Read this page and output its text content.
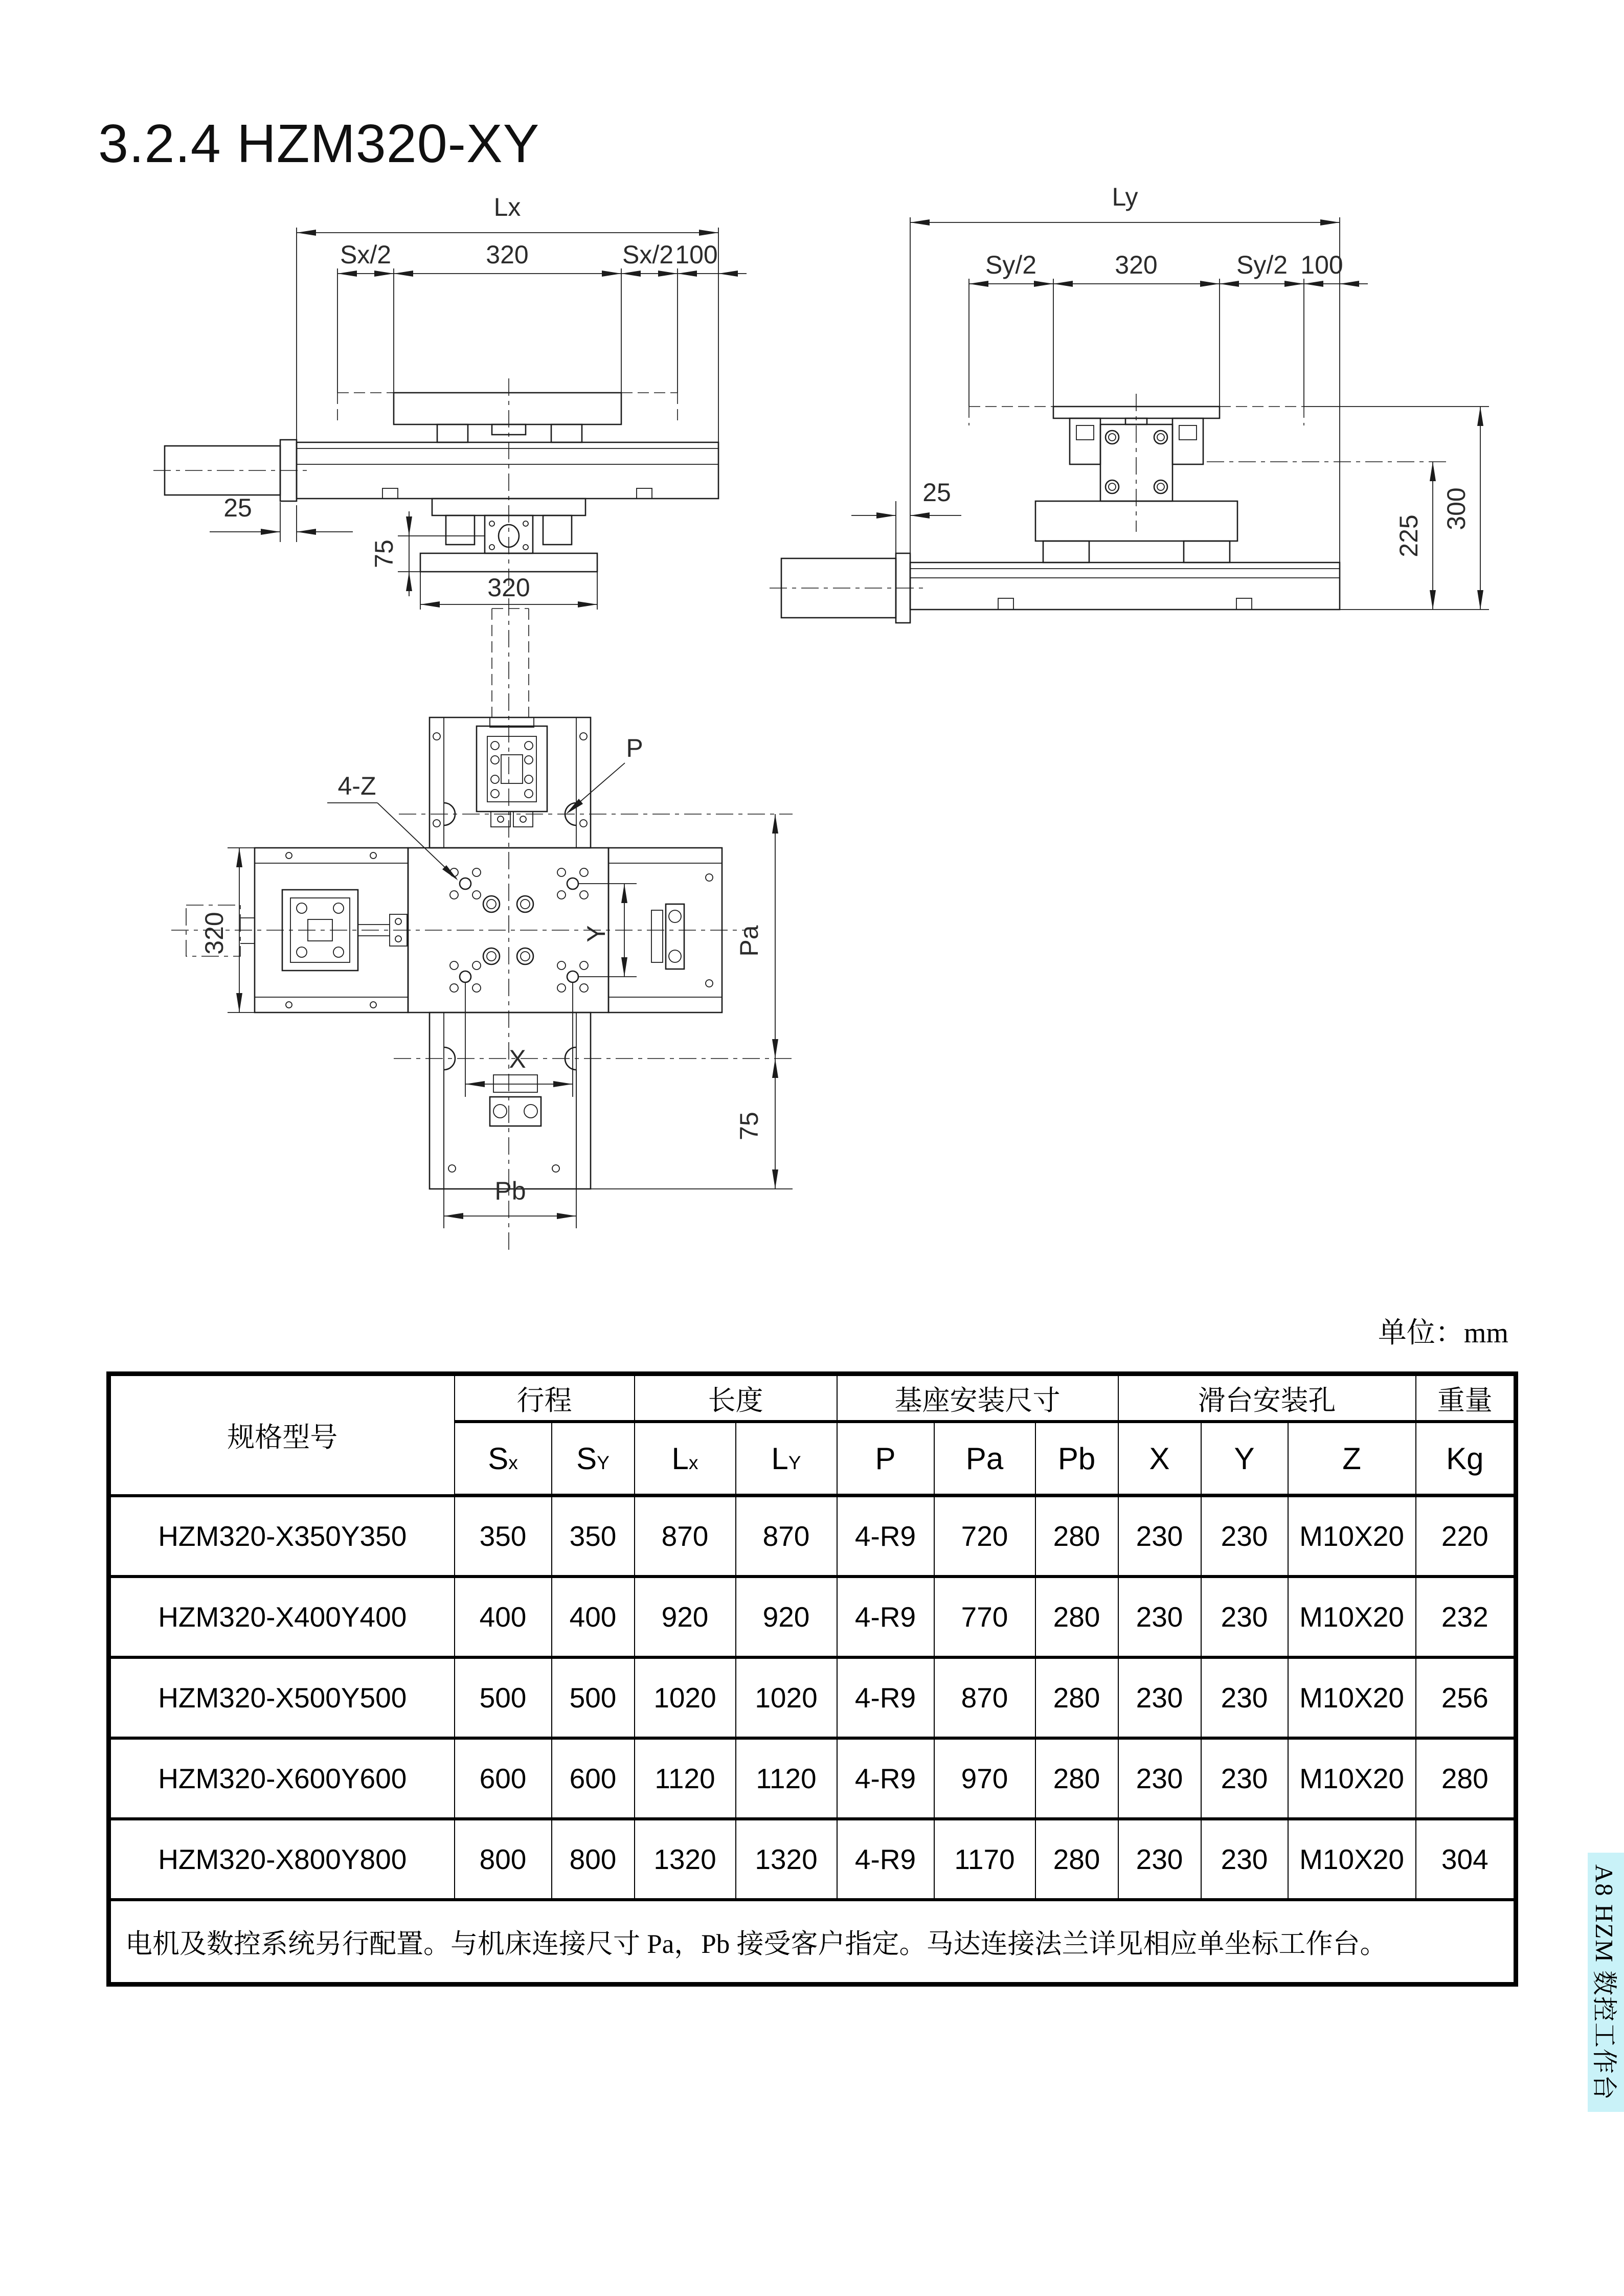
3.2.4 HZM320-XY
Lx
Sx/2	320	Sx/2 100
75
25
320
Ly
Sy/2	320	Sy/2 100
25
225
300
320
P
4-Z
Y
X
Pa
75
Pb
单位：mm
规格型号	行程		长度		基座安装尺寸			滑台安装孔			重量
	Sx	SY	Lx	LY	P	Pa	Pb	X	Y	Z	Kg
HZM320-X350Y350	350	350	870	870	4-R9	720	280	230	230	M10X20	220
HZM320-X400Y400	400	400	920	920	4-R9	770	280	230	230	M10X20	232
HZM320-X500Y500	500	500	1020	1020	4-R9	870	280	230	230	M10X20	256
HZM320-X600Y600	600	600	1120	1120	4-R9	970	280	230	230	M10X20	280
HZM320-X800Y800	800	800	1320	1320	4-R9	1170	280	230	230	M10X20	304
电机及数控系统另行配置。与机床连接尺寸 Pa，Pb 接受客户指定。马达连接法兰详见相应单坐标工作台。												A8 HZM 数控工作台
